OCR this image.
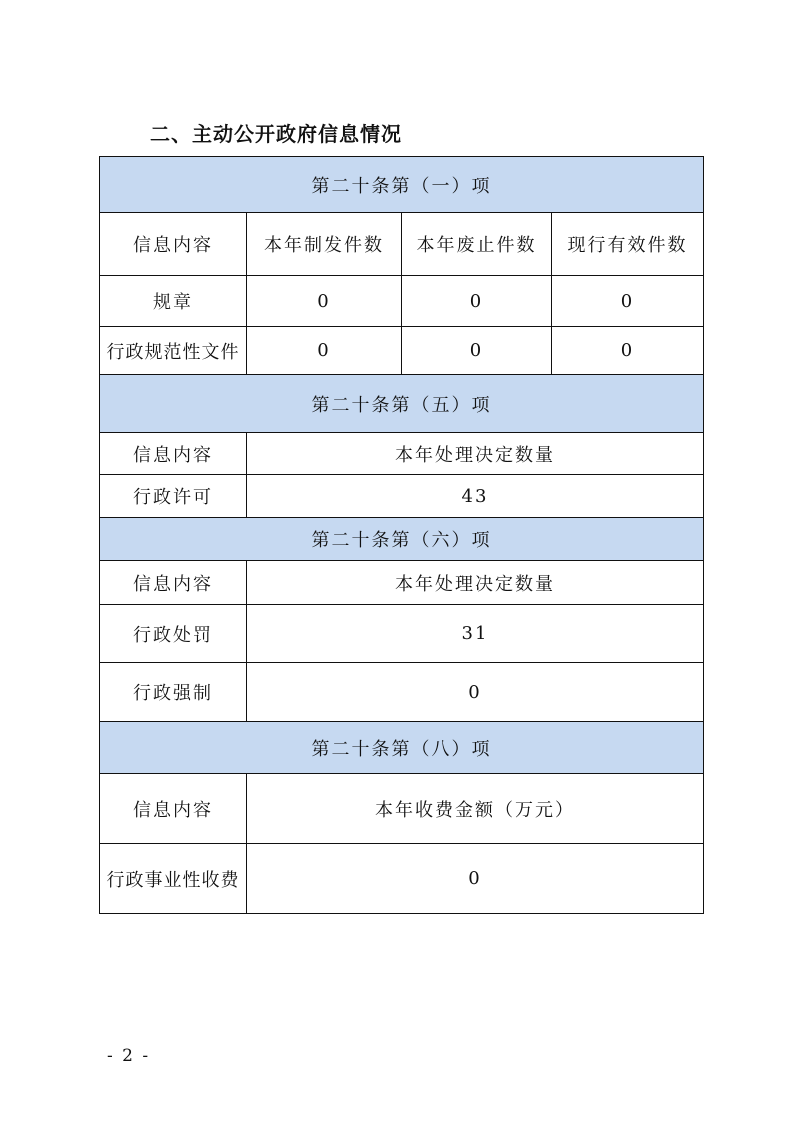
二、主动公开政府信息情况
第二十条第（一）项			
信息内容	本年制发件数	本年废止件数	现行有效件数
规章	0	0	0
行政规范性文件	0	0	0
第二十条第（五）项			
信息内容	本年处理决定数量		
行政许可	43		
第二十条第（六）项			
信息内容	本年处理决定数量		
行政处罚	31		
行政强制	0		
第二十条第（八）项			
信息内容	本年收费金额（万元）		
行政事业性收费	0		
- 2 -
